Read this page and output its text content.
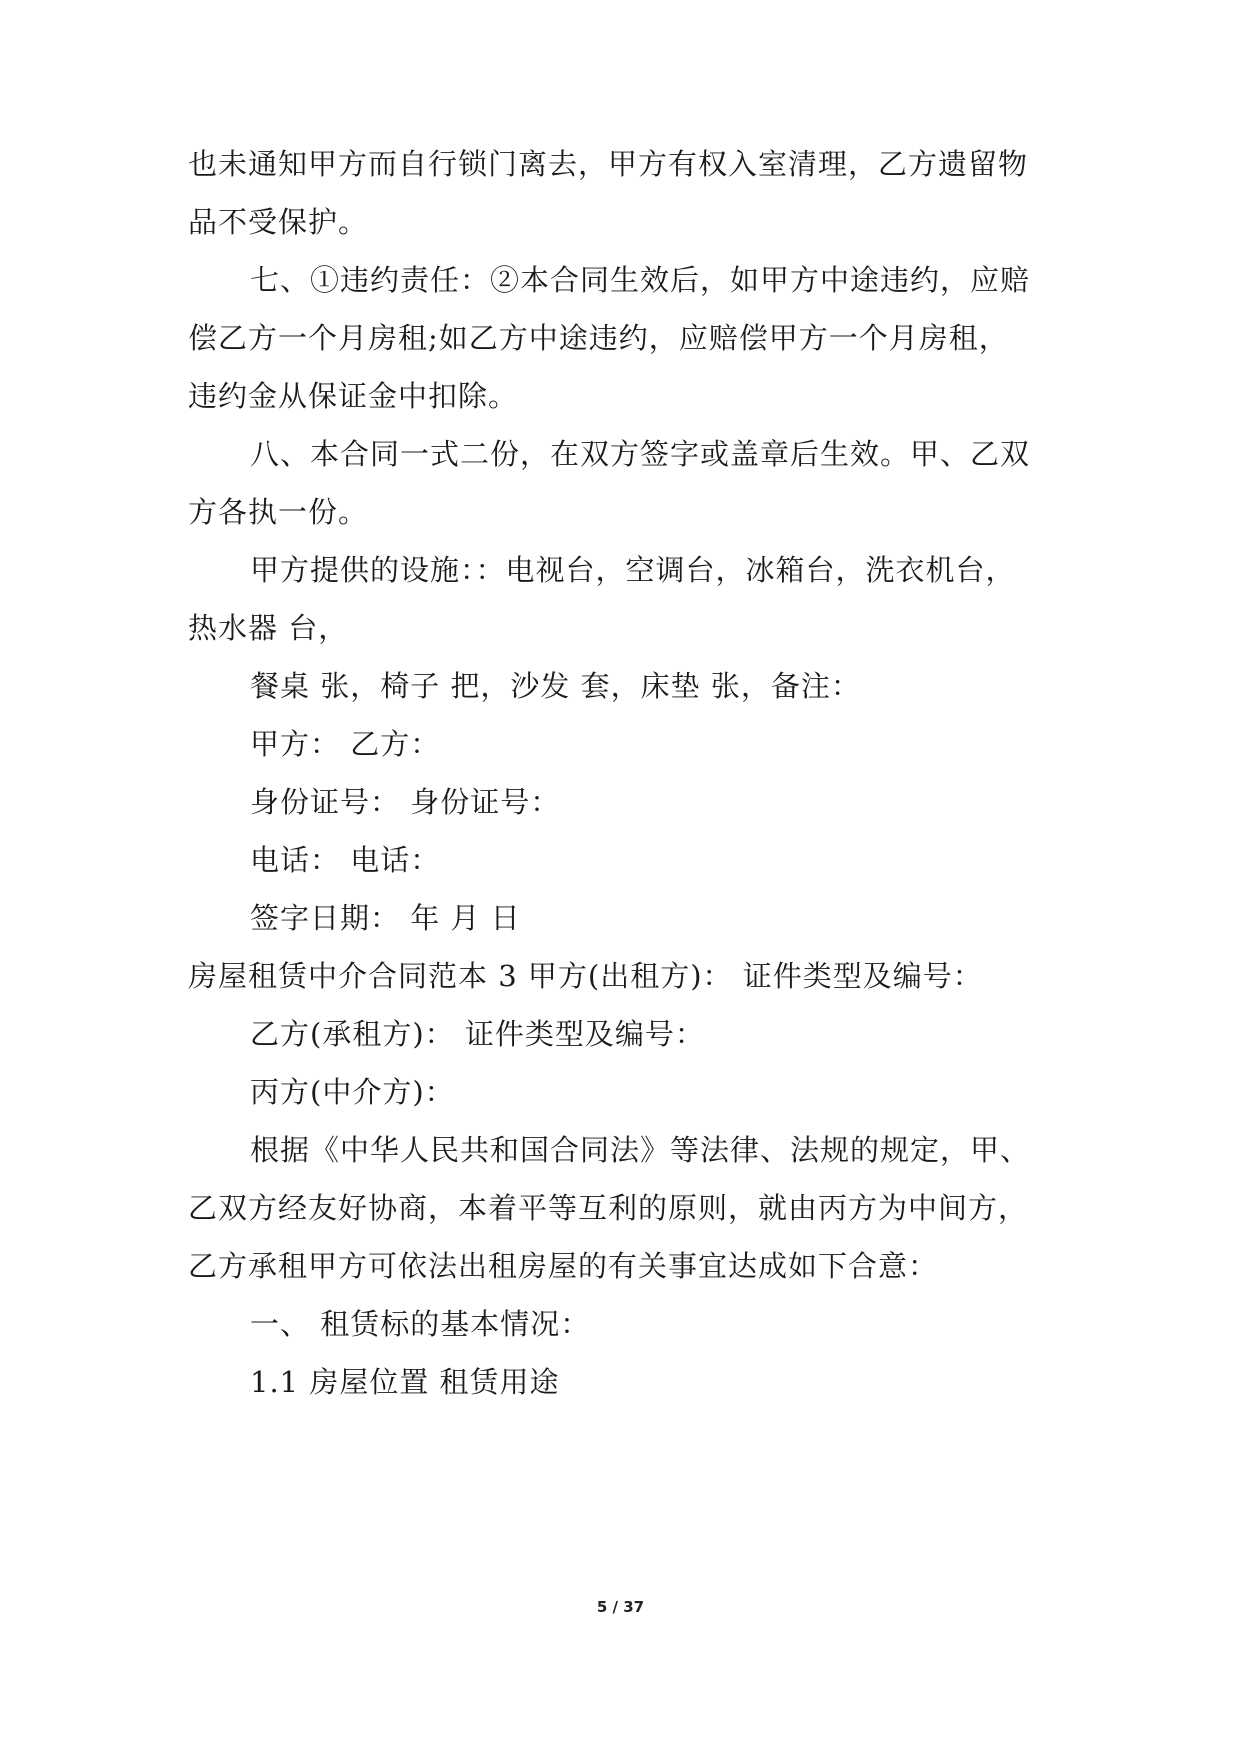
也未通知甲方而自行锁门离去，甲方有权入室清理，乙方遗留物
品不受保护。
七、①违约责任：②本合同生效后，如甲方中途违约，应赔
偿乙方一个月房租;如乙方中途违约，应赔偿甲方一个月房租，
违约金从保证金中扣除。
八、本合同一式二份，在双方签字或盖章后生效。甲、乙双
方各执一份。
甲方提供的设施：：电视台，空调台，冰箱台，洗衣机台，
热水器 台，
餐桌 张，椅子 把，沙发 套，床垫 张，备注：
甲方： 乙方：
身份证号： 身份证号：
电话： 电话：
签字日期： 年 月 日
房屋租赁中介合同范本 3 甲方(出租方)： 证件类型及编号：
乙方(承租方)： 证件类型及编号：
丙方(中介方)：
根据《中华人民共和国合同法》等法律、法规的规定，甲、
乙双方经友好协商，本着平等互利的原则，就由丙方为中间方，
乙方承租甲方可依法出租房屋的有关事宜达成如下合意：
一、 租赁标的基本情况：
1.1 房屋位置 租赁用途
5 / 37
